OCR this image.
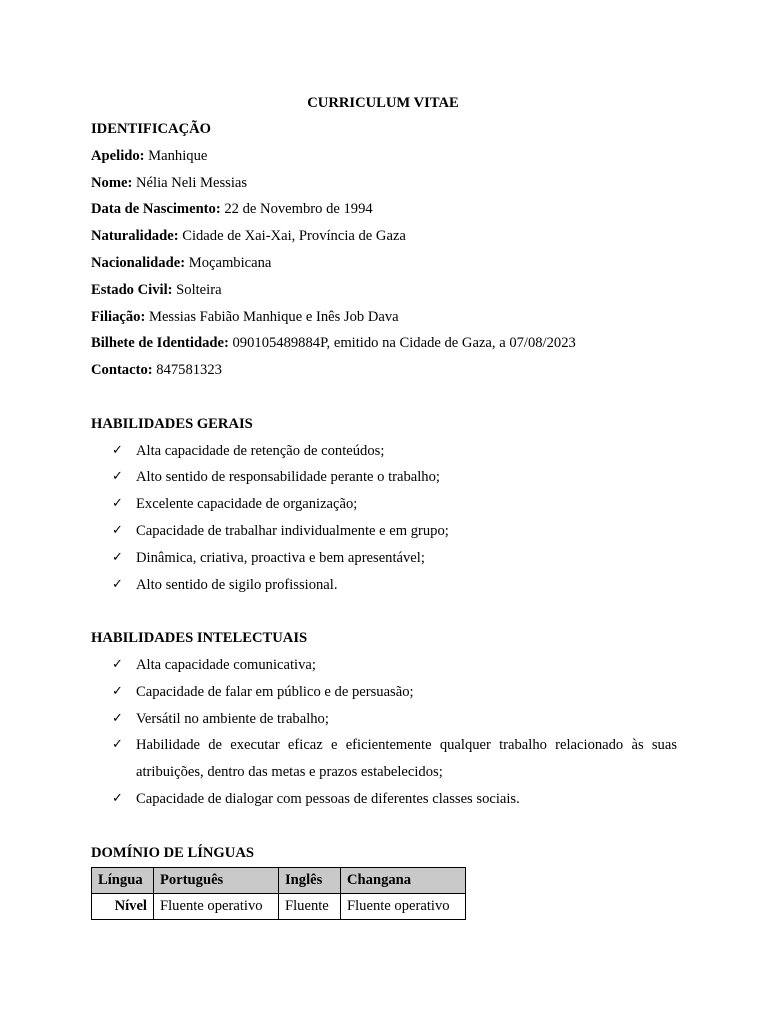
CURRICULUM VITAE
IDENTIFICAÇÃO
Apelido: Manhique
Nome: Nélia Neli Messias
Data de Nascimento: 22 de Novembro de 1994
Naturalidade: Cidade de Xai-Xai, Província de Gaza
Nacionalidade: Moçambicana
Estado Civil: Solteira
Filiação: Messias Fabião Manhique e Inês Job Dava
Bilhete de Identidade: 090105489884P, emitido na Cidade de Gaza, a 07/08/2023
Contacto: 847581323
HABILIDADES GERAIS
✓ Alta capacidade de retenção de conteúdos;
✓ Alto sentido de responsabilidade perante o trabalho;
✓ Excelente capacidade de organização;
✓ Capacidade de trabalhar individualmente e em grupo;
✓ Dinâmica, criativa, proactiva e bem apresentável;
✓ Alto sentido de sigilo profissional.
HABILIDADES INTELECTUAIS
✓ Alta capacidade comunicativa;
✓ Capacidade de falar em público e de persuasão;
✓ Versátil no ambiente de trabalho;
✓ Habilidade de executar eficaz e eficientemente qualquer trabalho relacionado às suas atribuições, dentro das metas e prazos estabelecidos;
✓ Capacidade de dialogar com pessoas de diferentes classes sociais.
DOMÍNIO DE LÍNGUAS
Língua	Português	Inglês	Changana
Nível	Fluente operativo	Fluente	Fluente operativo
